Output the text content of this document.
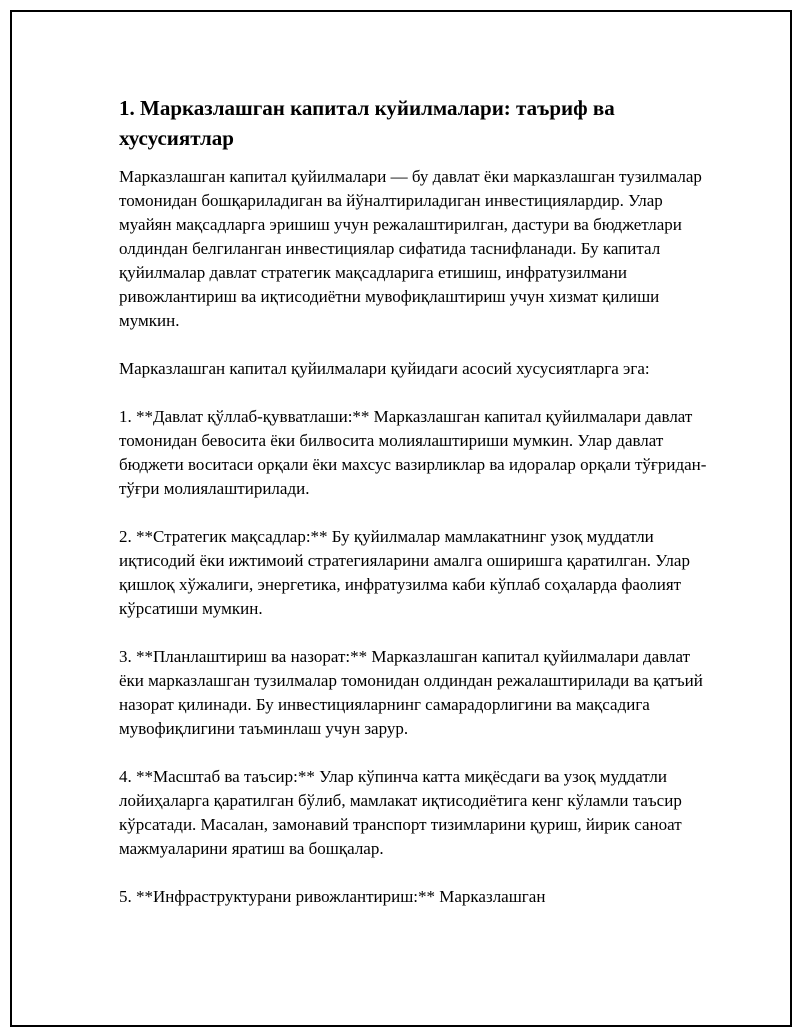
1. Марказлашган капитал куйилмалари: таъриф ва хусусиятлар

Марказлашган капитал қуйилмалари — бу давлат ёки марказлашган тузилмалар томонидан бошқариладиган ва йўналтириладиган инвестициялардир. Улар муайян мақсадларга эришиш учун режалаштирилган, дастури ва бюджетлари олдиндан белгиланган инвестициялар сифатида таснифланади. Бу капитал қуйилмалар давлат стратегик мақсадларига етишиш, инфратузилмани ривожлантириш ва иқтисодиётни мувофиқлаштириш учун хизмат қилиши мумкин.

Марказлашган капитал қуйилмалари қуйидаги асосий хусусиятларга эга:

1. **Давлат қўллаб-қувватлаши:** Марказлашган капитал қуйилмалари давлат томонидан бевосита ёки билвосита молиялаштириши мумкин. Улар давлат бюджети воситаси орқали ёки махсус вазирликлар ва идоралар орқали тўғридан-тўғри молиялаштирилади.

2. **Стратегик мақсадлар:** Бу қуйилмалар мамлакатнинг узоқ муддатли иқтисодий ёки ижтимоий стратегияларини амалга оширишга қаратилган. Улар қишлоқ хўжалиги, энергетика, инфратузилма каби кўплаб соҳаларда фаолият кўрсатиши мумкин.

3. **Планлаштириш ва назорат:** Марказлашган капитал қуйилмалари давлат ёки марказлашган тузилмалар томонидан олдиндан режалаштирилади ва қатъий назорат қилинади. Бу инвестицияларнинг самарадорлигини ва мақсадига мувофиқлигини таъминлаш учун зарур.

4. **Масштаб ва таъсир:** Улар кўпинча катта миқёсдаги ва узоқ муддатли лойиҳаларга қаратилган бўлиб, мамлакат иқтисодиётига кенг кўламли таъсир кўрсатади. Масалан, замонавий транспорт тизимларини қуриш, йирик саноат мажмуаларини яратиш ва бошқалар.

5. **Инфраструктурани ривожлантириш:** Марказлашган
